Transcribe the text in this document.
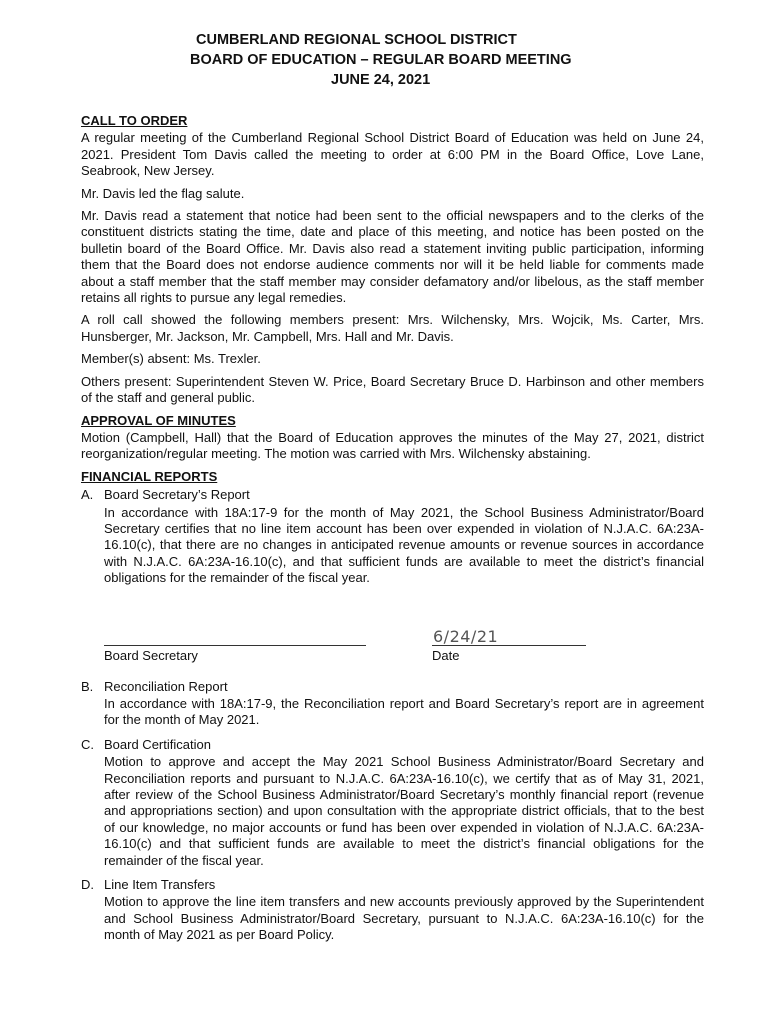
CUMBERLAND REGIONAL SCHOOL DISTRICT
BOARD OF EDUCATION – REGULAR BOARD MEETING
JUNE 24, 2021
CALL TO ORDER

A regular meeting of the Cumberland Regional School District Board of Education was held on June 24, 2021. President Tom Davis called the meeting to order at 6:00 PM in the Board Office, Love Lane, Seabrook, New Jersey.

Mr. Davis led the flag salute.

Mr. Davis read a statement that notice had been sent to the official newspapers and to the clerks of the constituent districts stating the time, date and place of this meeting, and notice has been posted on the bulletin board of the Board Office. Mr. Davis also read a statement inviting public participation, informing them that the Board does not endorse audience comments nor will it be held liable for comments made about a staff member that the staff member may consider defamatory and/or libelous, as the staff member retains all rights to pursue any legal remedies.

A roll call showed the following members present: Mrs. Wilchensky, Mrs. Wojcik, Ms. Carter, Mrs. Hunsberger, Mr. Jackson, Mr. Campbell, Mrs. Hall and Mr. Davis.

Member(s) absent: Ms. Trexler.

Others present: Superintendent Steven W. Price, Board Secretary Bruce D. Harbinson and other members of the staff and general public.

APPROVAL OF MINUTES

Motion (Campbell, Hall) that the Board of Education approves the minutes of the May 27, 2021, district reorganization/regular meeting. The motion was carried with Mrs. Wilchensky abstaining.

FINANCIAL REPORTS
A. Board Secretary’s Report
In accordance with 18A:17-9 for the month of May 2021, the School Business Administrator/Board Secretary certifies that no line item account has been over expended in violation of N.J.A.C. 6A:23A-16.10(c), that there are no changes in anticipated revenue amounts or revenue sources in accordance with N.J.A.C. 6A:23A-16.10(c), and that sufficient funds are available to meet the district’s financial obligations for the remainder of the fiscal year.
Board Secretary
6/24/21
Date
B. Reconciliation Report
In accordance with 18A:17-9, the Reconciliation report and Board Secretary’s report are in agreement for the month of May 2021.
C. Board Certification
Motion to approve and accept the May 2021 School Business Administrator/Board Secretary and Reconciliation reports and pursuant to N.J.A.C. 6A:23A-16.10(c), we certify that as of May 31, 2021, after review of the School Business Administrator/Board Secretary’s monthly financial report (revenue and appropriations section) and upon consultation with the appropriate district officials, that to the best of our knowledge, no major accounts or fund has been over expended in violation of N.J.A.C. 6A:23A-16.10(c) and that sufficient funds are available to meet the district’s financial obligations for the remainder of the fiscal year.
D. Line Item Transfers
Motion to approve the line item transfers and new accounts previously approved by the Superintendent and School Business Administrator/Board Secretary, pursuant to N.J.A.C. 6A:23A-16.10(c) for the month of May 2021 as per Board Policy.
